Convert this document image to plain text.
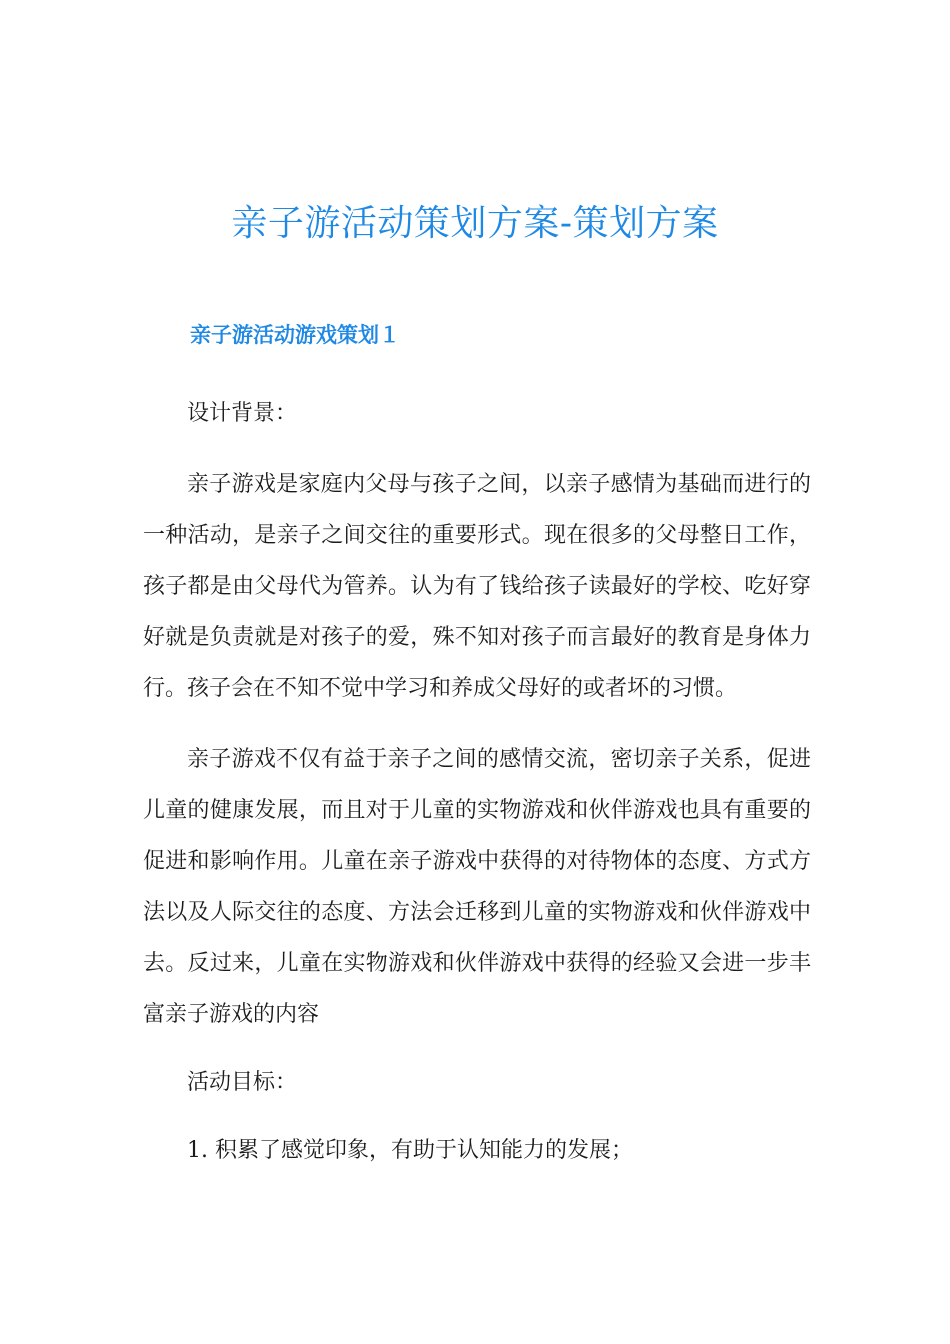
亲子游活动策划方案-策划方案
亲子游活动游戏策划１

设计背景：

亲子游戏是家庭内父母与孩子之间，以亲子感情为基础而进行的一种活动，是亲子之间交往的重要形式。现在很多的父母整日工作，孩子都是由父母代为管养。认为有了钱给孩子读最好的学校、吃好穿好就是负责就是对孩子的爱，殊不知对孩子而言最好的教育是身体力行。孩子会在不知不觉中学习和养成父母好的或者坏的习惯。

亲子游戏不仅有益于亲子之间的感情交流，密切亲子关系，促进儿童的健康发展，而且对于儿童的实物游戏和伙伴游戏也具有重要的促进和影响作用。儿童在亲子游戏中获得的对待物体的态度、方式方法以及人际交往的态度、方法会迁移到儿童的实物游戏和伙伴游戏中去。反过来，儿童在实物游戏和伙伴游戏中获得的经验又会进一步丰富亲子游戏的内容

活动目标：

1. 积累了感觉印象，有助于认知能力的发展；
